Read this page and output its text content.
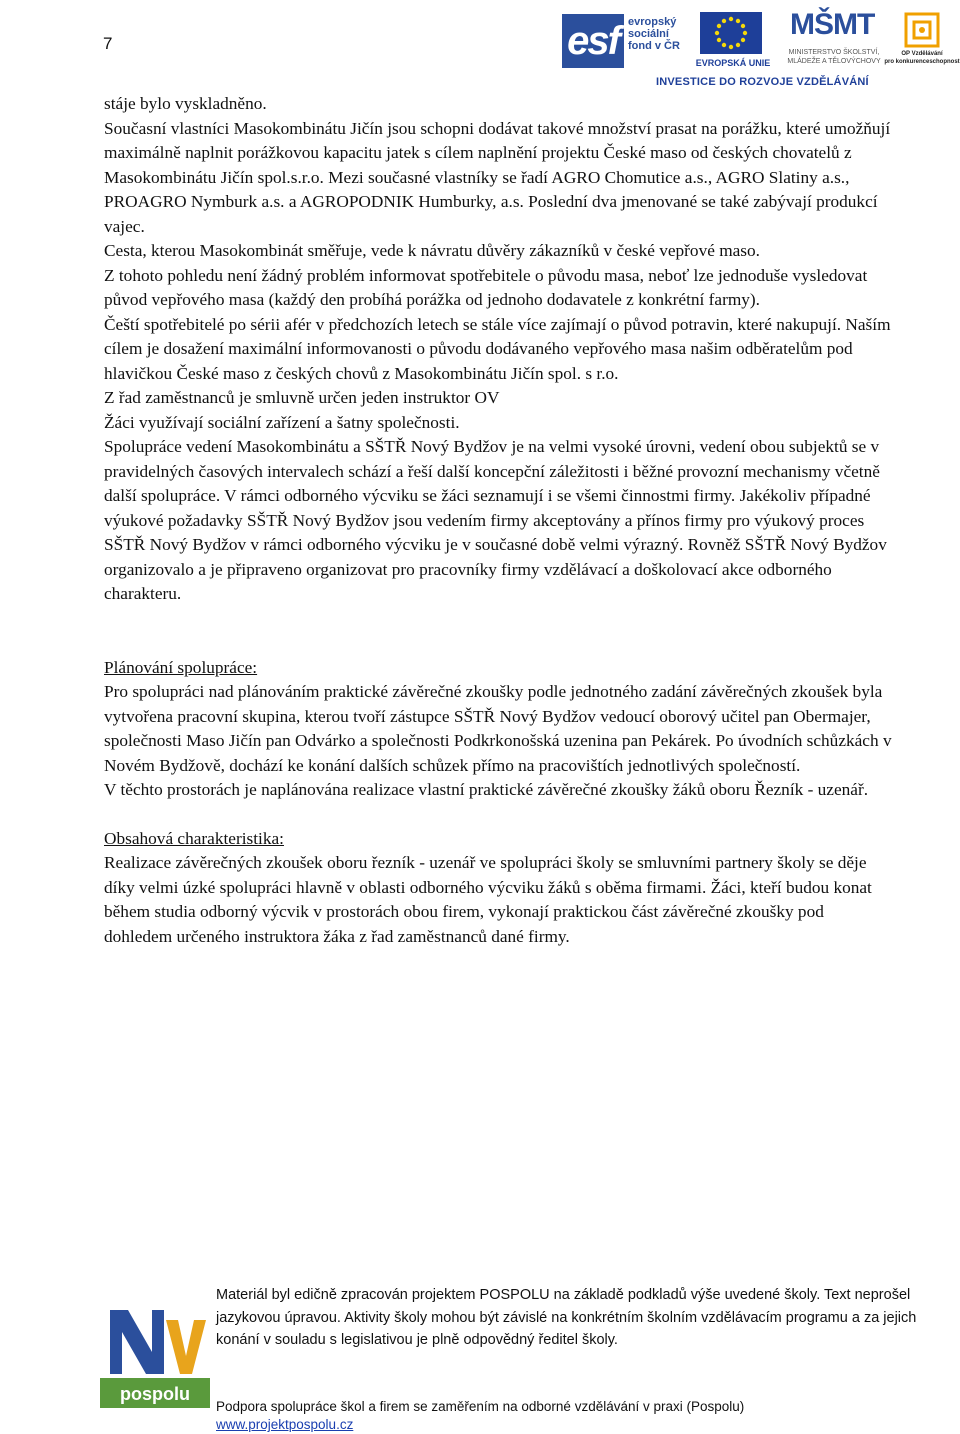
7	esf evropský
sociální
fond v ČR
EVROPSKÁ UNIE
MŠMT
MINISTERSTVO ŠKOLSTVÍ,
MLÁDEŽE A TĚLOVÝCHOVY
OP Vzdělávání
pro konkurenceschopnost
INVESTICE DO ROZVOJE VZDĚLÁVÁNÍ

stáje bylo vyskladněno.

Současní vlastníci Masokombinátu Jičín jsou schopni dodávat takové množství prasat na porážku, které umožňují maximálně naplnit porážkovou kapacitu jatek s cílem naplnění projektu České maso od českých chovatelů z Masokombinátu Jičín spol.s.r.o. Mezi současné vlastníky se řadí AGRO Chomutice a.s., AGRO Slatiny a.s., PROAGRO Nymburk a.s. a AGROPODNIK Humburky, a.s. Poslední dva jmenované se také zabývají produkcí vajec.

Cesta, kterou Masokombinát směřuje, vede k návratu důvěry zákazníků v české vepřové maso.

Z tohoto pohledu není žádný problém informovat spotřebitele o původu masa, neboť lze jednoduše vysledovat původ vepřového masa (každý den probíhá porážka od jednoho dodavatele z konkrétní farmy).

Čeští spotřebitelé po sérii afér v předchozích letech se stále více zajímají o původ potravin, které nakupují. Naším cílem je dosažení maximální informovanosti o původu dodávaného vepřového masa našim odběratelům pod hlavičkou České maso z českých chovů z Masokombinátu Jičín spol. s r.o.

Z řad zaměstnanců je smluvně určen jeden instruktor OV

Žáci využívají sociální zařízení a šatny společnosti.

Spolupráce vedení Masokombinátu a SŠTŘ Nový Bydžov je na velmi vysoké úrovni, vedení obou subjektů se v pravidelných časových intervalech schází a řeší další koncepční záležitosti i běžné provozní mechanismy včetně další spolupráce. V rámci odborného výcviku se žáci seznamují i se všemi činnostmi firmy. Jakékoliv případné výukové požadavky SŠTŘ Nový Bydžov jsou vedením firmy akceptovány a přínos firmy pro výukový proces SŠTŘ Nový Bydžov v rámci odborného výcviku je v současné době velmi výrazný. Rovněž SŠTŘ Nový Bydžov organizovalo a je připraveno organizovat pro pracovníky firmy vzdělávací a doškolovací akce odborného charakteru.

Plánování spolupráce:

Pro spolupráci nad plánováním praktické závěrečné zkoušky podle jednotného zadání závěrečných zkoušek byla vytvořena pracovní skupina, kterou tvoří zástupce SŠTŘ Nový Bydžov vedoucí oborový učitel pan Obermajer, společnosti Maso Jičín pan Odvárko a společnosti Podkrkonošská uzenina pan Pekárek. Po úvodních schůzkách v Novém Bydžově, dochází ke konání dalších schůzek přímo na pracovištích jednotlivých společností.

V těchto prostorách je naplánována realizace vlastní praktické závěrečné zkoušky žáků oboru Řezník - uzenář.

Obsahová charakteristika:

Realizace závěrečných zkoušek oboru řezník - uzenář ve spolupráci školy se smluvními partnery školy se děje díky velmi úzké spolupráci hlavně v oblasti odborného výcviku žáků s oběma firmami. Žáci, kteří budou konat během studia odborný výcvik v prostorách obou firem, vykonají praktickou část závěrečné zkoušky pod dohledem určeného instruktora žáka z řad zaměstnanců dané firmy.

pospolu
Materiál byl edičně zpracován projektem POSPOLU na základě podkladů výše uvedené školy. Text neprošel jazykovou úpravou. Aktivity školy mohou být závislé na konkrétním školním vzdělávacím programu a za jejich konání v souladu s legislativou je plně odpovědný ředitel školy.
Podpora spolupráce škol a firem se zaměřením na odborné vzdělávání v praxi (Pospolu)
www.projektpospolu.cz
